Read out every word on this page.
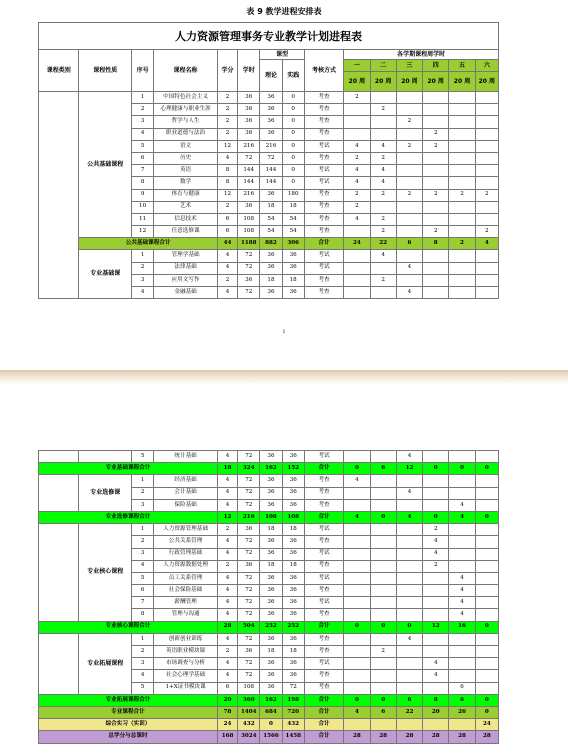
表 9 教学进程安排表
人力资源管理事务专业教学计划进程表														
课程类别	课程性质	序号	课程名称	学分	学时	课型		考核方式	各学期课程周学时					
						理论	实践		一	二	三	四	五	六
									20 周	20 周	20 周	20 周	20 周	20 周
	公共基础课程	1	中国特色社会主义	2	36	36	0	考查	2					
		2	心理健康与职业生涯	2	36	36	0	考查		2				
		3	哲学与人生	2	36	36	0	考查			2			
		4	职业道德与法治	2	36	36	0	考查				2		
		5	语文	12	216	216	0	考试	4	4	2	2		
		6	历史	4	72	72	0	考查	2	2				
		7	英语	8	144	144	0	考试	4	4				
		8	数学	8	144	144	0	考试	4	4				
		9	体育与健康	12	216	36	180	考查	2	2	2	2	2	2
		10	艺术	2	36	18	18	考查	2					
		11	信息技术	6	108	54	54	考查	4	2				
		12	任意选修课	6	108	54	54	考查		2		2		2
	公共基础课程合计			44	1188	882	306	合计	24	22	6	8	2	4
	专业基础课	1	管理学基础	4	72	36	36	考试		4				
		2	法律基础	4	72	36	36	考试			4			
		3	应用文写作	2	36	18	18	考查		2				
		4	金融基础	4	72	36	36	考查			4			
1
		5	统计基础	4	72	36	36	考试			4			
专业基础课程合计				18	324	162	152	合计	0	6	12	0	0	0
	专业选修课	1	经济基础	4	72	36	36	考查	4					
		2	会计基础	4	72	36	36	考查			4			
		3	保险基础	4	72	36	36	考查					4	
专业选修课程合计				12	216	108	108	合计	4	0	4	0	4	0
	专业核心课程	1	人力资源管理基础	2	36	18	18	考试				2		
		2	公共关系管理	4	72	36	36	考查				4		
		3	行政管理基础	4	72	36	36	考试				4		
		4	人力资源数据处理	2	36	18	18	考查				2		
		5	员工关系管理	4	72	36	36	考试					4	
		6	社会保险基础	4	72	36	36	考查					4	
		7	薪酬管理	4	72	36	36	考试					4	
		8	管理与沟通	4	72	36	36	考查					4	
专业核心课程合计				28	504	252	252	合计	0	0	0	12	16	0
	专业拓展课程	1	创新创业训练	4	72	36	36	考查			4			
		2	英语职业模块课	2	36	18	18	考查		2				
		3	市场调查与分析	4	72	36	36	考试				4		
		4	社会心理学基础	4	72	36	36	考查				4		
		5	1+X证书模块课	6	108	36	72	考查					6	
专业拓展课程合计				20	360	162	198	合计	0	0	6	8	6	0
专业课程合计				78	1404	684	720	合计	4	6	22	20	26	0
综合实习（实训）				24	432	0	432	合计						24
总学分与总课时				168	3024	1566	1458	合计	28	28	28	28	28	28
